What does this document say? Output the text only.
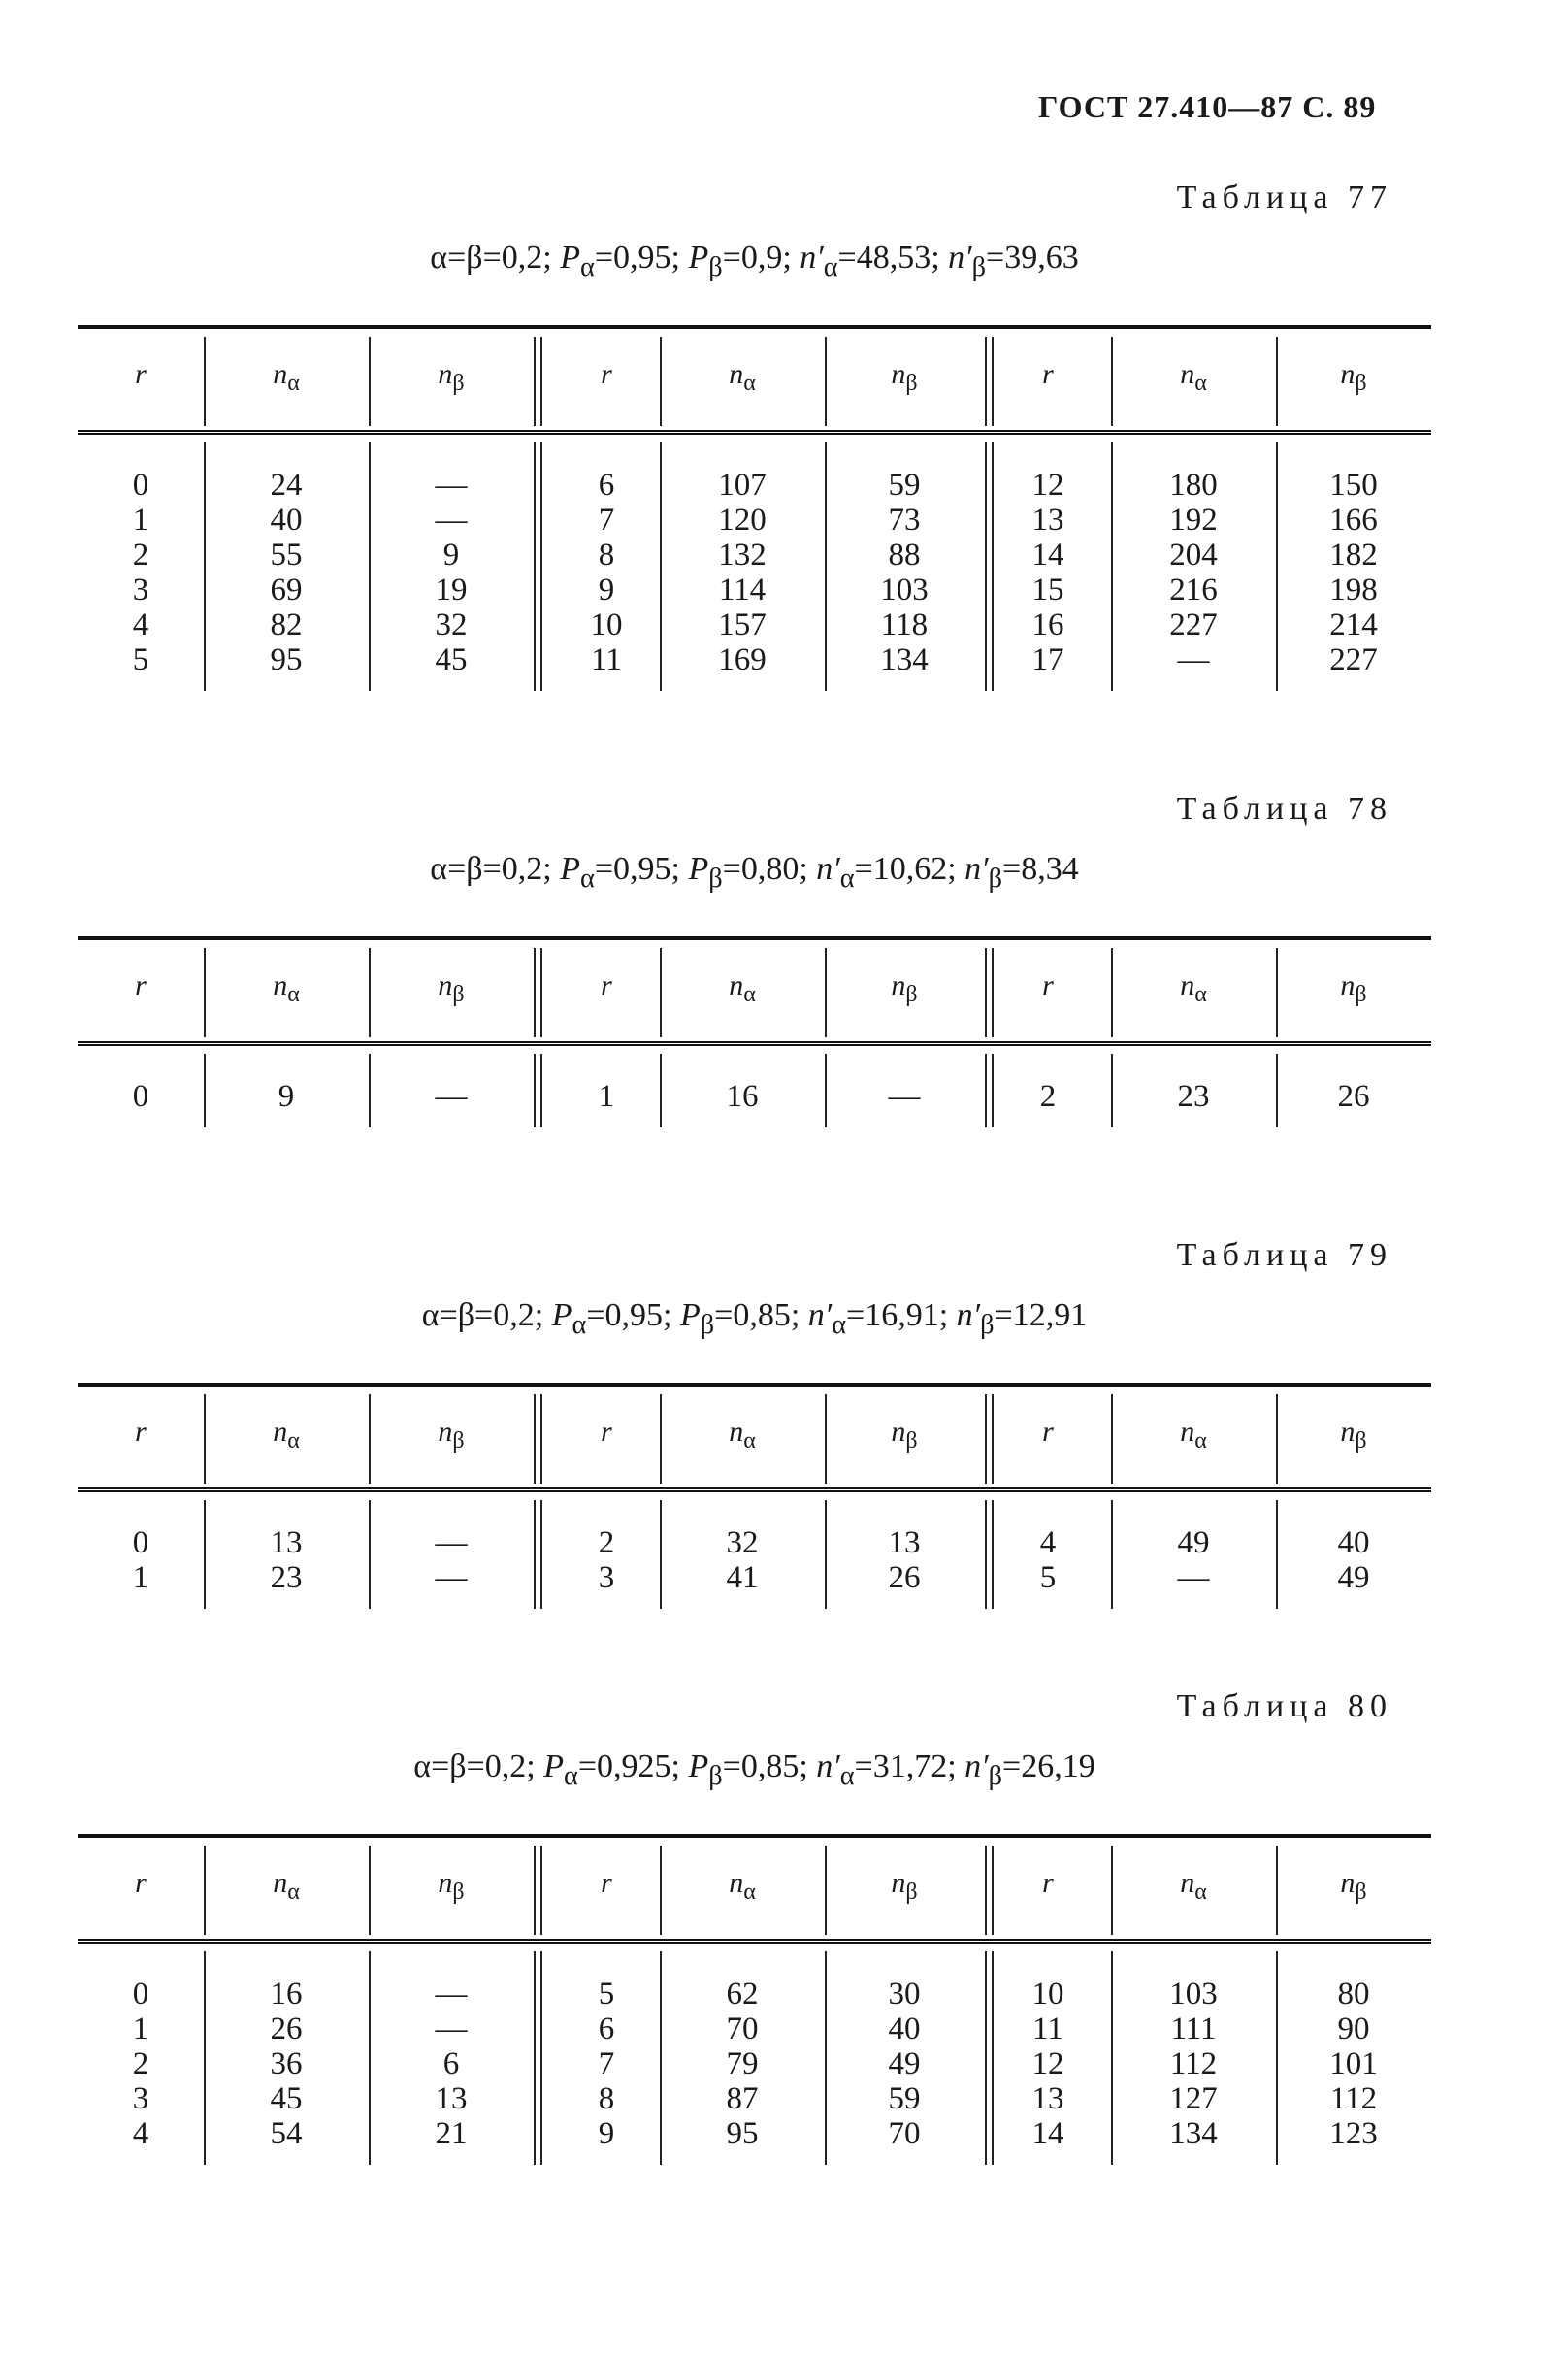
ГОСТ 27.410—87 С. 89
Таблица 77
α=β=0,2; $P_\alpha=0,95$; $P_\beta=0,9$; $n'_\alpha=48,53$; $n'_\beta=39,63$
r	$n_\alpha$	$n_\beta$	r	$n_\alpha$	$n_\beta$	r	$n_\alpha$	$n_\beta$
0	24	—	6	107	59	12	180	150
1	40	—	7	120	73	13	192	166
2	55	9	8	132	88	14	204	182
3	69	19	9	114	103	15	216	198
4	82	32	10	157	118	16	227	214
5	95	45	11	169	134	17	—	227
Таблица 78
α=β=0,2; $P_\alpha=0,95$; $P_\beta=0,80$; $n'_\alpha=10,62$; $n'_\beta=8,34$
r	$n_\alpha$	$n_\beta$	r	$n_\alpha$	$n_\beta$	r	$n_\alpha$	$n_\beta$
0	9	—	1	16	—	2	23	26
Таблица 79
α=β=0,2; $P_\alpha=0,95$; $P_\beta=0,85$; $n'_\alpha=16,91$; $n'_\beta=12,91$
r	$n_\alpha$	$n_\beta$	r	$n_\alpha$	$n_\beta$	r	$n_\alpha$	$n_\beta$
0	13	—	2	32	13	4	49	40
1	23	—	3	41	26	5	—	49
Таблица 80
α=β=0,2; $P_\alpha=0,925$; $P_\beta=0,85$; $n'_\alpha=31,72$; $n'_\beta=26,19$
r	$n_\alpha$	$n_\beta$	r	$n_\alpha$	$n_\beta$	r	$n_\alpha$	$n_\beta$
0	16	—	5	62	30	10	103	80
1	26	—	6	70	40	11	111	90
2	36	6	7	79	49	12	112	101
3	45	13	8	87	59	13	127	112
4	54	21	9	95	70	14	134	123
